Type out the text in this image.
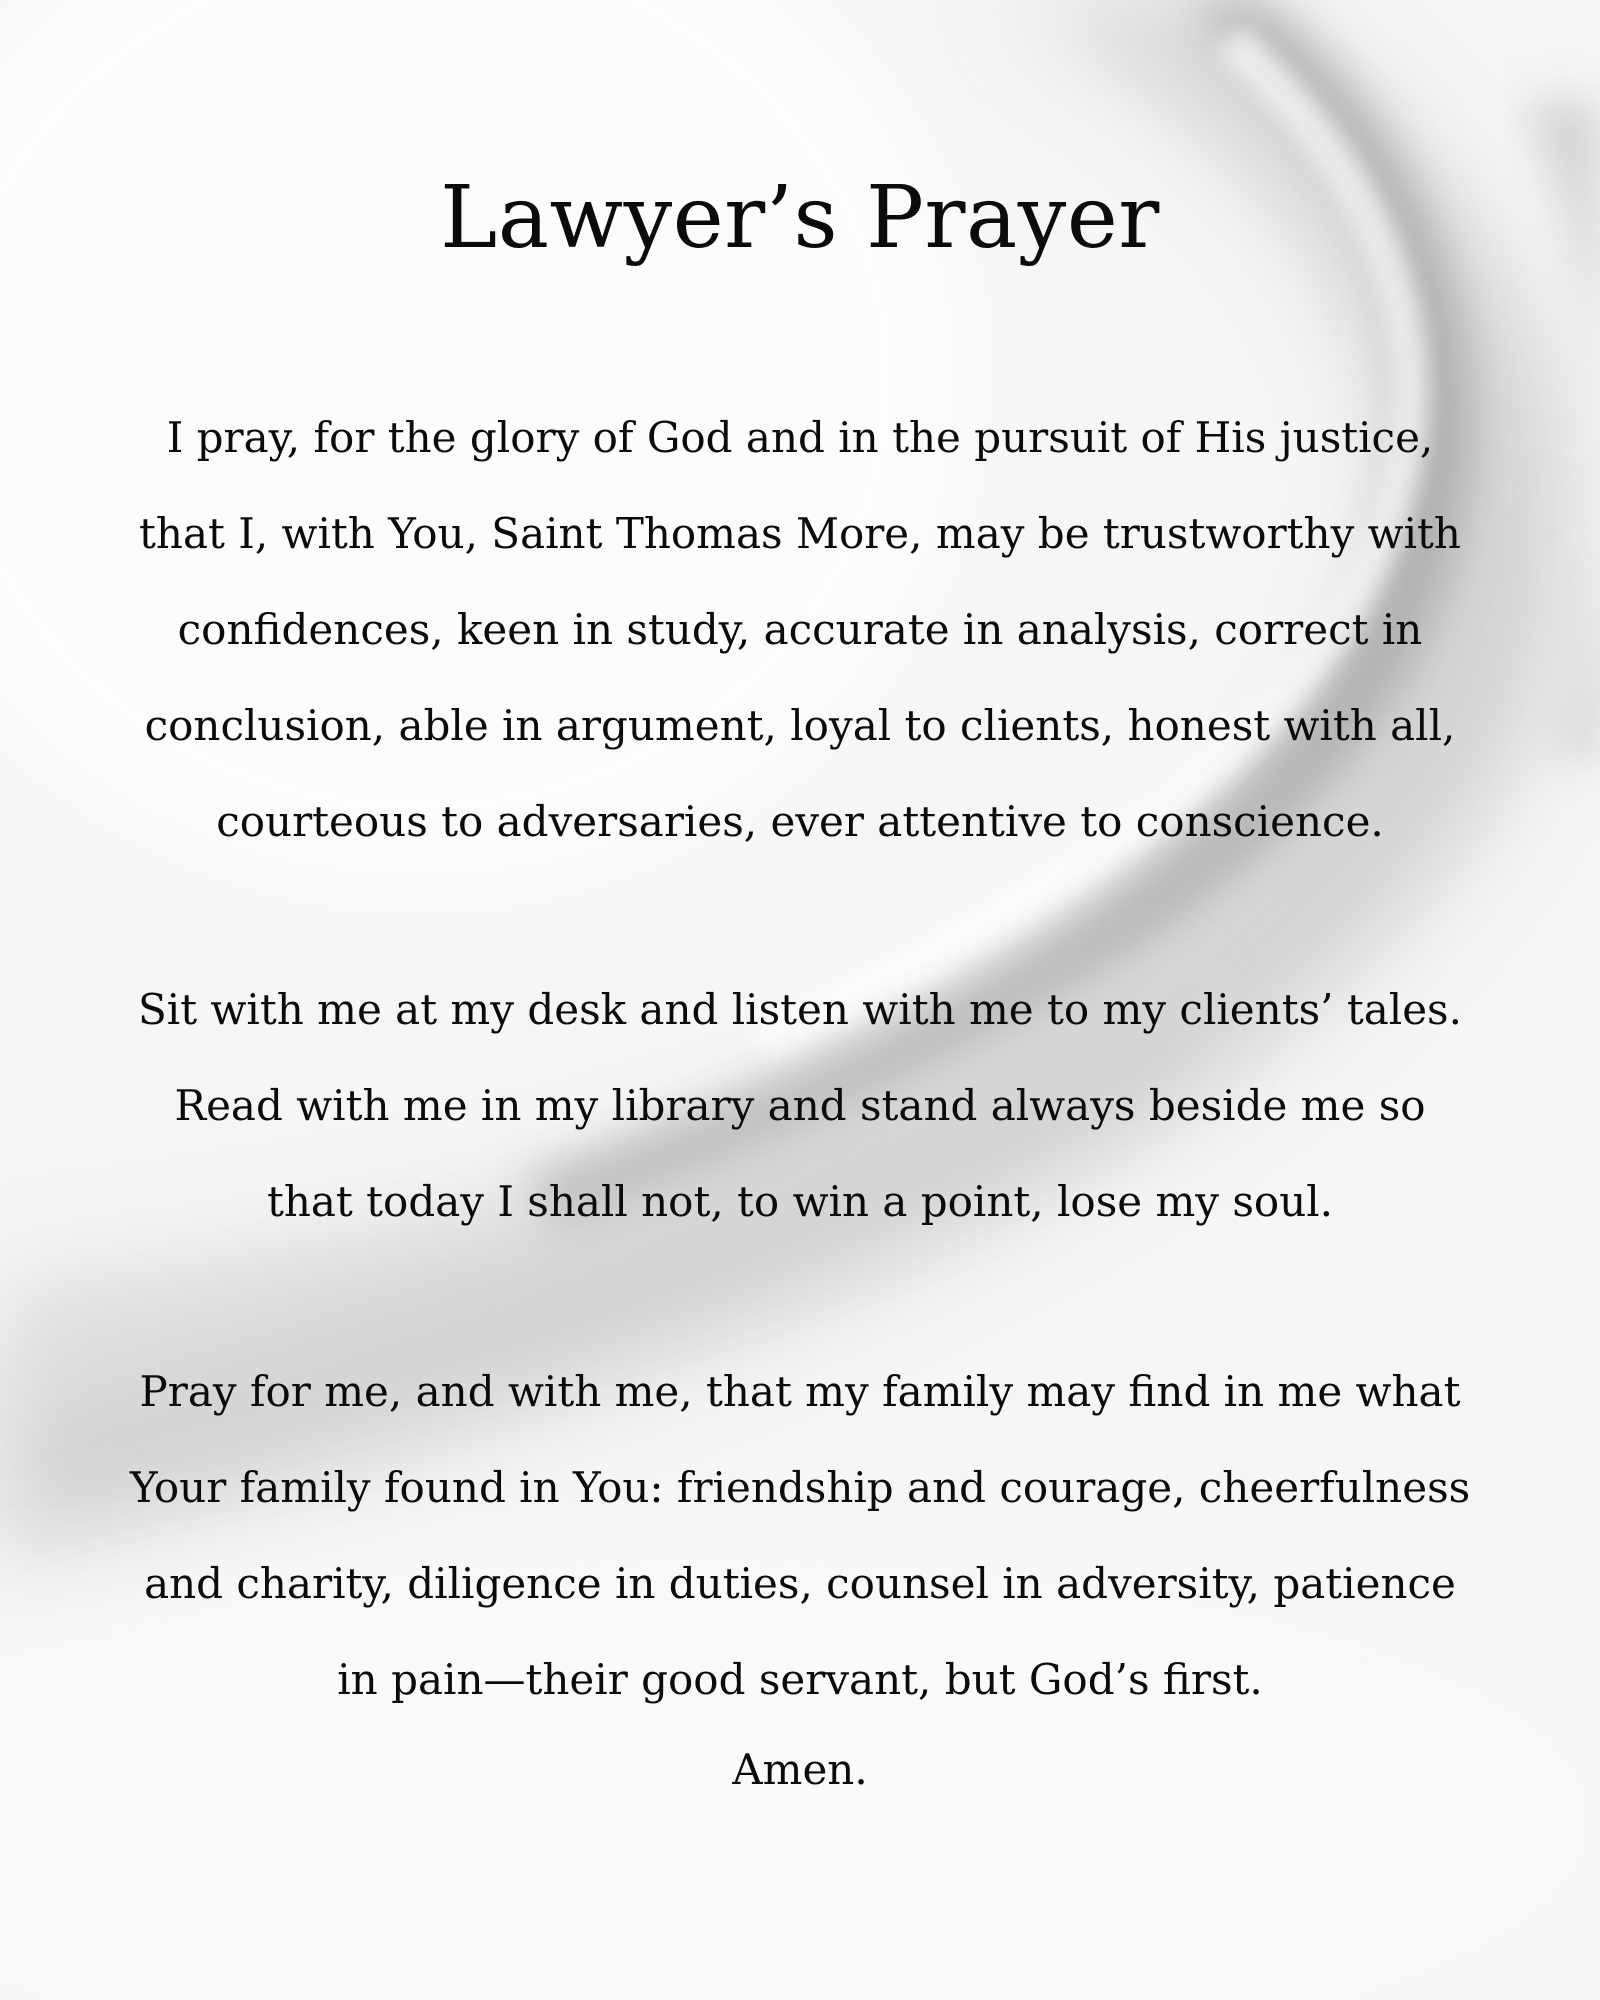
Lawyer’s Prayer
I pray, for the glory of God and in the pursuit of His justice,
that I, with You, Saint Thomas More, may be trustworthy with
confidences, keen in study, accurate in analysis, correct in
conclusion, able in argument, loyal to clients, honest with all,
courteous to adversaries, ever attentive to conscience.
Sit with me at my desk and listen with me to my clients’ tales.
Read with me in my library and stand always beside me so
that today I shall not, to win a point, lose my soul.
Pray for me, and with me, that my family may find in me what
Your family found in You: friendship and courage, cheerfulness
and charity, diligence in duties, counsel in adversity, patience
in pain—their good servant, but God’s first.
Amen.
